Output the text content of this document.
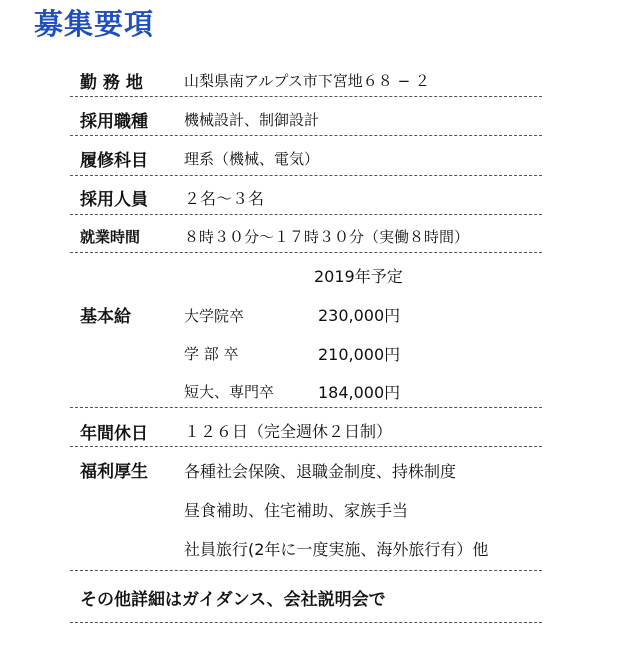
募集要項
勤 務 地	山梨県南アルプス市下宮地６８ − ２
採用職種 機械設計、制御設計
履修科目 理系（機械、電気）
採用人員 ２名～３名
就業時間	８時３０分～１７時３０分（実働８時間）
2019年予定
基本給	大学院卒	230,000円
学 部 卒	210,000円
短大、専門卒	184,000円
年間休日 １２６日（完全週休２日制）
福利厚生 各種社会保険、退職金制度、持株制度
昼食補助、住宅補助、家族手当
社員旅行(2年に一度実施、海外旅行有）他
その他詳細はガイダンス、会社説明会で
